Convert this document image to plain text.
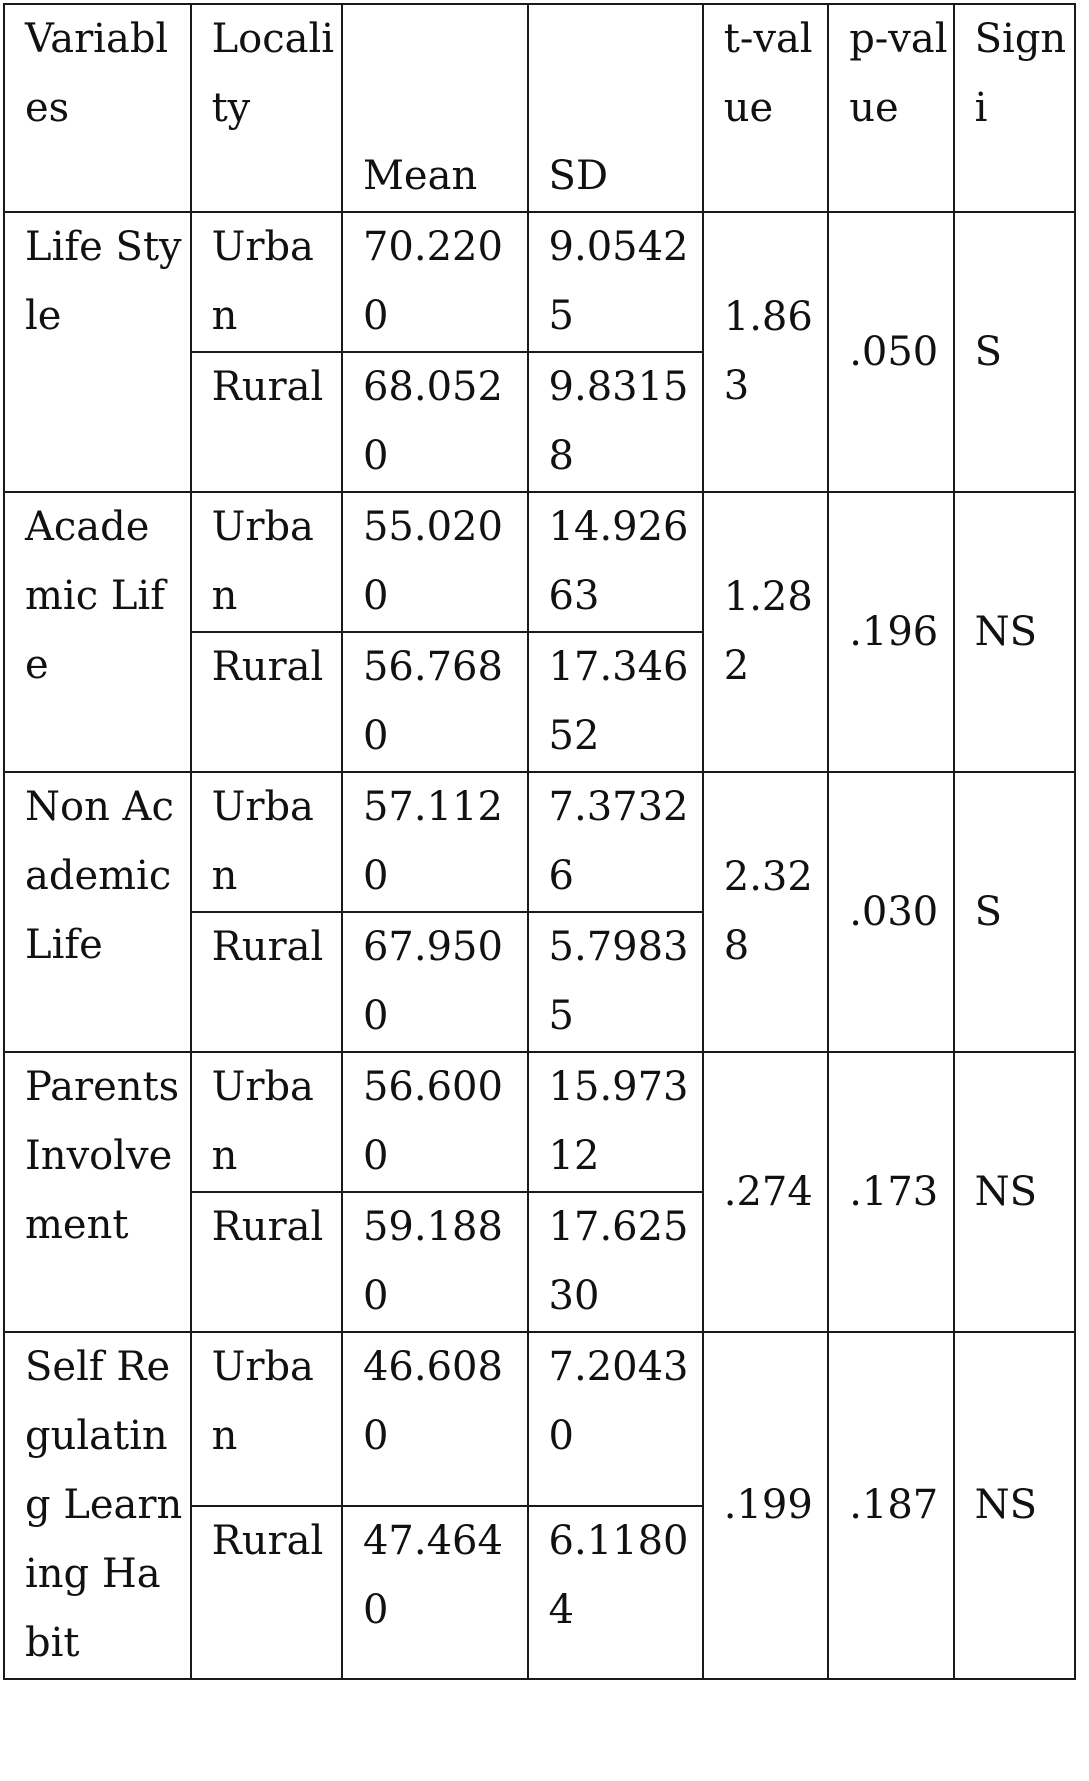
Variables	Locality	Mean	SD	t-value	p-value	Signi
Life Style	Urban	70.2200	9.05425	1.863	.050	S
	Rural	68.0520	9.83158			
Academic Life	Urban	55.0200	14.92663	1.282	.196	NS
	Rural	56.7680	17.34652			
Non Academic Life	Urban	57.1120	7.37326	2.328	.030	S
	Rural	67.9500	5.79835			
Parents Involvement	Urban	56.6000	15.97312	.274	.173	NS
	Rural	59.1880	17.62530			
Self Regulating Learning Habit	Urban	46.6080	7.20430	.199	.187	NS
	Rural	47.4640	6.11804			
